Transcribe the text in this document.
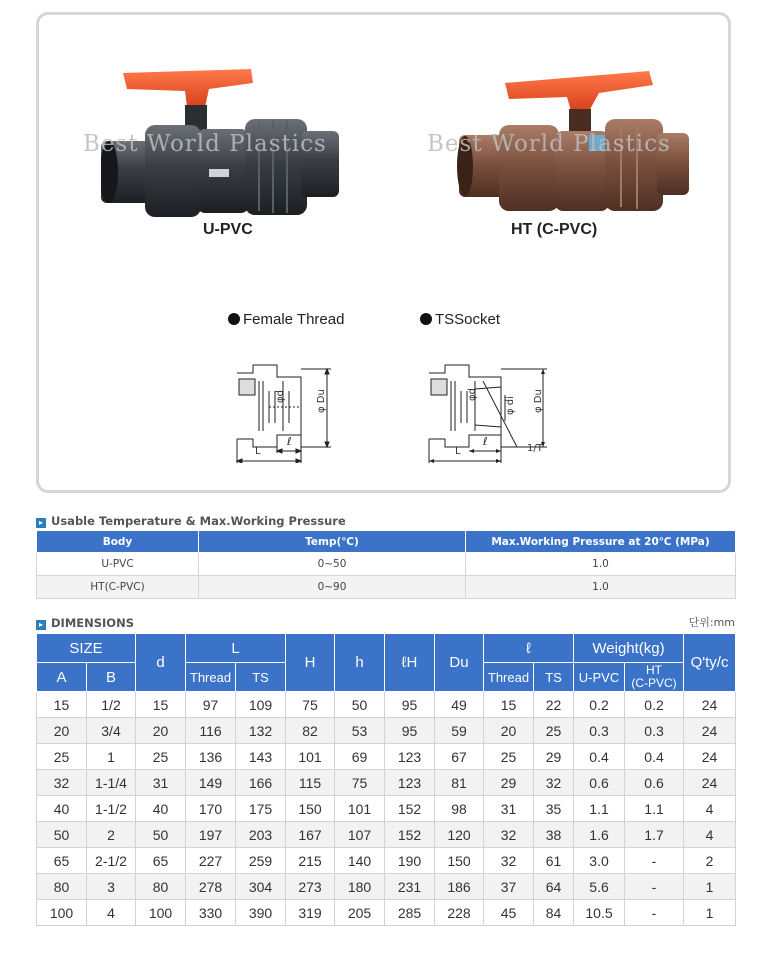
Best World Plastics	Best World Plastics
U-PVC	HT (C-PVC)
Female Thread	TSSocket
φd	φ Du
ℓ
L
φd
φ di φ Du
ℓ
L	1/T
▸ Usable Temperature & Max.Working Pressure
Body	Temp(℃)	Max.Working Pressure at 20℃ (MPa)
U-PVC	0~50	1.0
HT(C-PVC)	0~90	1.0
▸ DIMENSIONS	단위:mm
SIZE		d	L		H	h	ℓH	Du	ℓ		Weight(kg)		Q'ty/c
A	B		Thread	TS					Thread	TS	U-PVC	HT
(C-PVC)	

15	1/2	15	97	109	75	50	95	49	15	22	0.2	0.2	24
20	3/4	20	116	132	82	53	95	59	20	25	0.3	0.3	24
25	1	25	136	143	101	69	123	67	25	29	0.4	0.4	24
32	1-1/4	31	149	166	115	75	123	81	29	32	0.6	0.6	24
40	1-1/2	40	170	175	150	101	152	98	31	35	1.1	1.1	4
50	2	50	197	203	167	107	152	120	32	38	1.6	1.7	4
65	2-1/2	65	227	259	215	140	190	150	32	61	3.0	-	2
80	3	80	278	304	273	180	231	186	37	64	5.6	-	1
100	4	100	330	390	319	205	285	228	45	84	10.5	-	1
